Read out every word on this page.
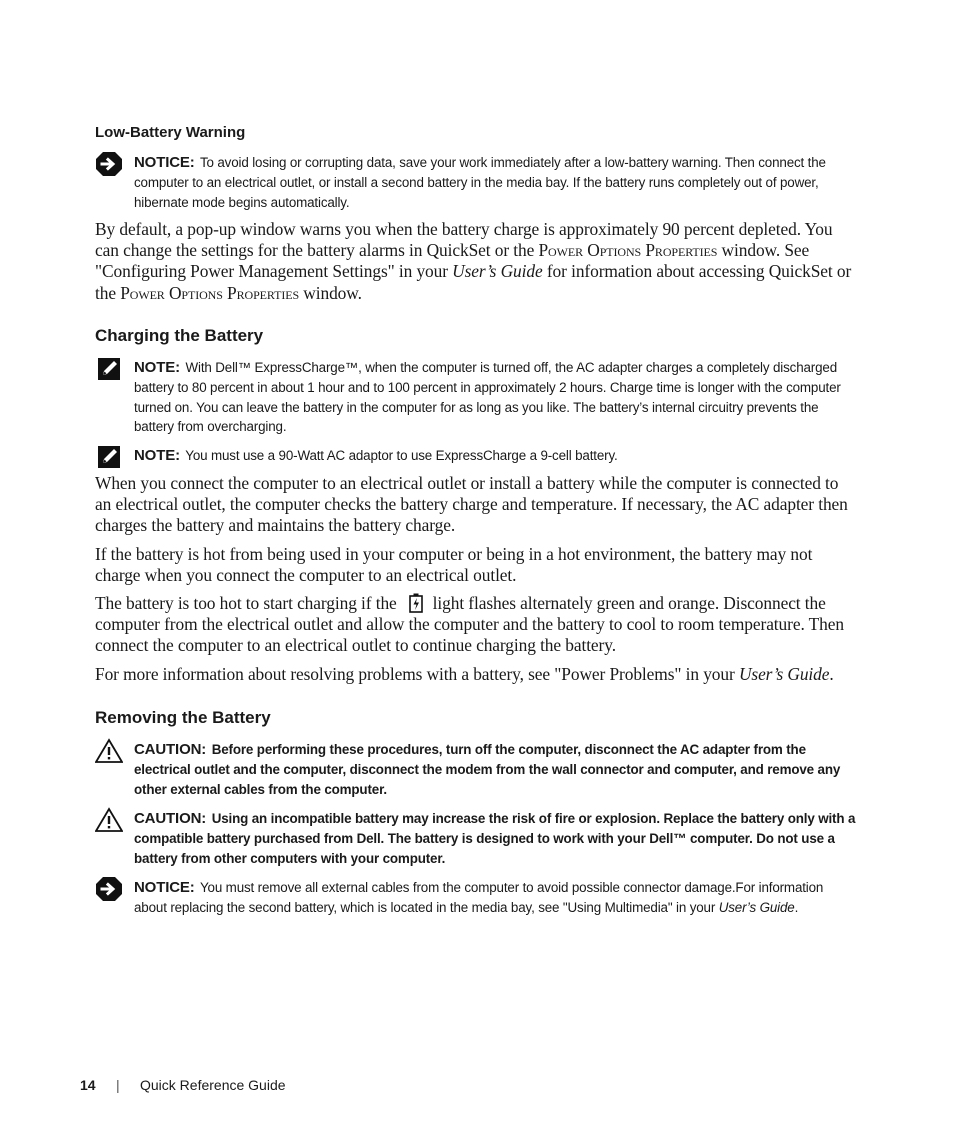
Low-Battery Warning
NOTICE: To avoid losing or corrupting data, save your work immediately after a low-battery warning. Then connect the computer to an electrical outlet, or install a second battery in the media bay. If the battery runs completely out of power, hibernate mode begins automatically.

By default, a pop-up window warns you when the battery charge is approximately 90 percent depleted. You can change the settings for the battery alarms in QuickSet or the Power Options Properties window. See "Configuring Power Management Settings" in your User’s Guide for information about accessing QuickSet or the Power Options Properties window.

Charging the Battery
NOTE: With Dell™ ExpressCharge™, when the computer is turned off, the AC adapter charges a completely discharged battery to 80 percent in about 1 hour and to 100 percent in approximately 2 hours. Charge time is longer with the computer turned on. You can leave the battery in the computer for as long as you like. The battery’s internal circuitry prevents the battery from overcharging.
NOTE: You must use a 90-Watt AC adaptor to use ExpressCharge a 9-cell battery.

When you connect the computer to an electrical outlet or install a battery while the computer is connected to an electrical outlet, the computer checks the battery charge and temperature. If necessary, the AC adapter then charges the battery and maintains the battery charge.

If the battery is hot from being used in your computer or being in a hot environment, the battery may not charge when you connect the computer to an electrical outlet.

The battery is too hot to start charging if the light flashes alternately green and orange. Disconnect the computer from the electrical outlet and allow the computer and the battery to cool to room temperature. Then connect the computer to an electrical outlet to continue charging the battery.

For more information about resolving problems with a battery, see "Power Problems" in your User’s Guide.

Removing the Battery
CAUTION: Before performing these procedures, turn off the computer, disconnect the AC adapter from the electrical outlet and the computer, disconnect the modem from the wall connector and computer, and remove any other external cables from the computer.
CAUTION: Using an incompatible battery may increase the risk of fire or explosion. Replace the battery only with a compatible battery purchased from Dell. The battery is designed to work with your Dell™ computer. Do not use a battery from other computers with your computer.
NOTICE: You must remove all external cables from the computer to avoid possible connector damage.For information about replacing the second battery, which is located in the media bay, see "Using Multimedia" in your User’s Guide.
14 | Quick Reference Guide
